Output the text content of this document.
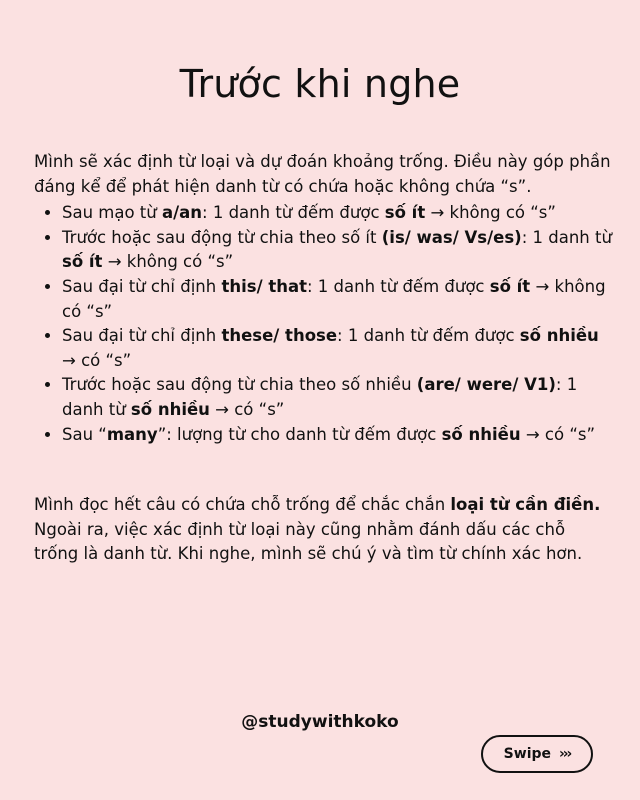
Trước khi nghe

Mình sẽ xác định từ loại và dự đoán khoảng trống. Điều này góp phần đáng kể để phát hiện danh từ có chứa hoặc không chứa “s”.

• Sau mạo từ a/an: 1 danh từ đếm được số ít → không có “s”
• Trước hoặc sau động từ chia theo số ít (is/ was/ Vs/es): 1 danh từ số ít → không có “s”
• Sau đại từ chỉ định this/ that: 1 danh từ đếm được số ít → không có “s”
• Sau đại từ chỉ định these/ those: 1 danh từ đếm được số nhiều → có “s”
• Trước hoặc sau động từ chia theo số nhiều (are/ were/ V1): 1 danh từ số nhiều → có “s”
• Sau “many”: lượng từ cho danh từ đếm được số nhiều → có “s”

Mình đọc hết câu có chứa chỗ trống để chắc chắn loại từ cần điền. Ngoài ra, việc xác định từ loại này cũng nhằm đánh dấu các chỗ trống là danh từ. Khi nghe, mình sẽ chú ý và tìm từ chính xác hơn.

@studywithkoko
Swipe ›››
